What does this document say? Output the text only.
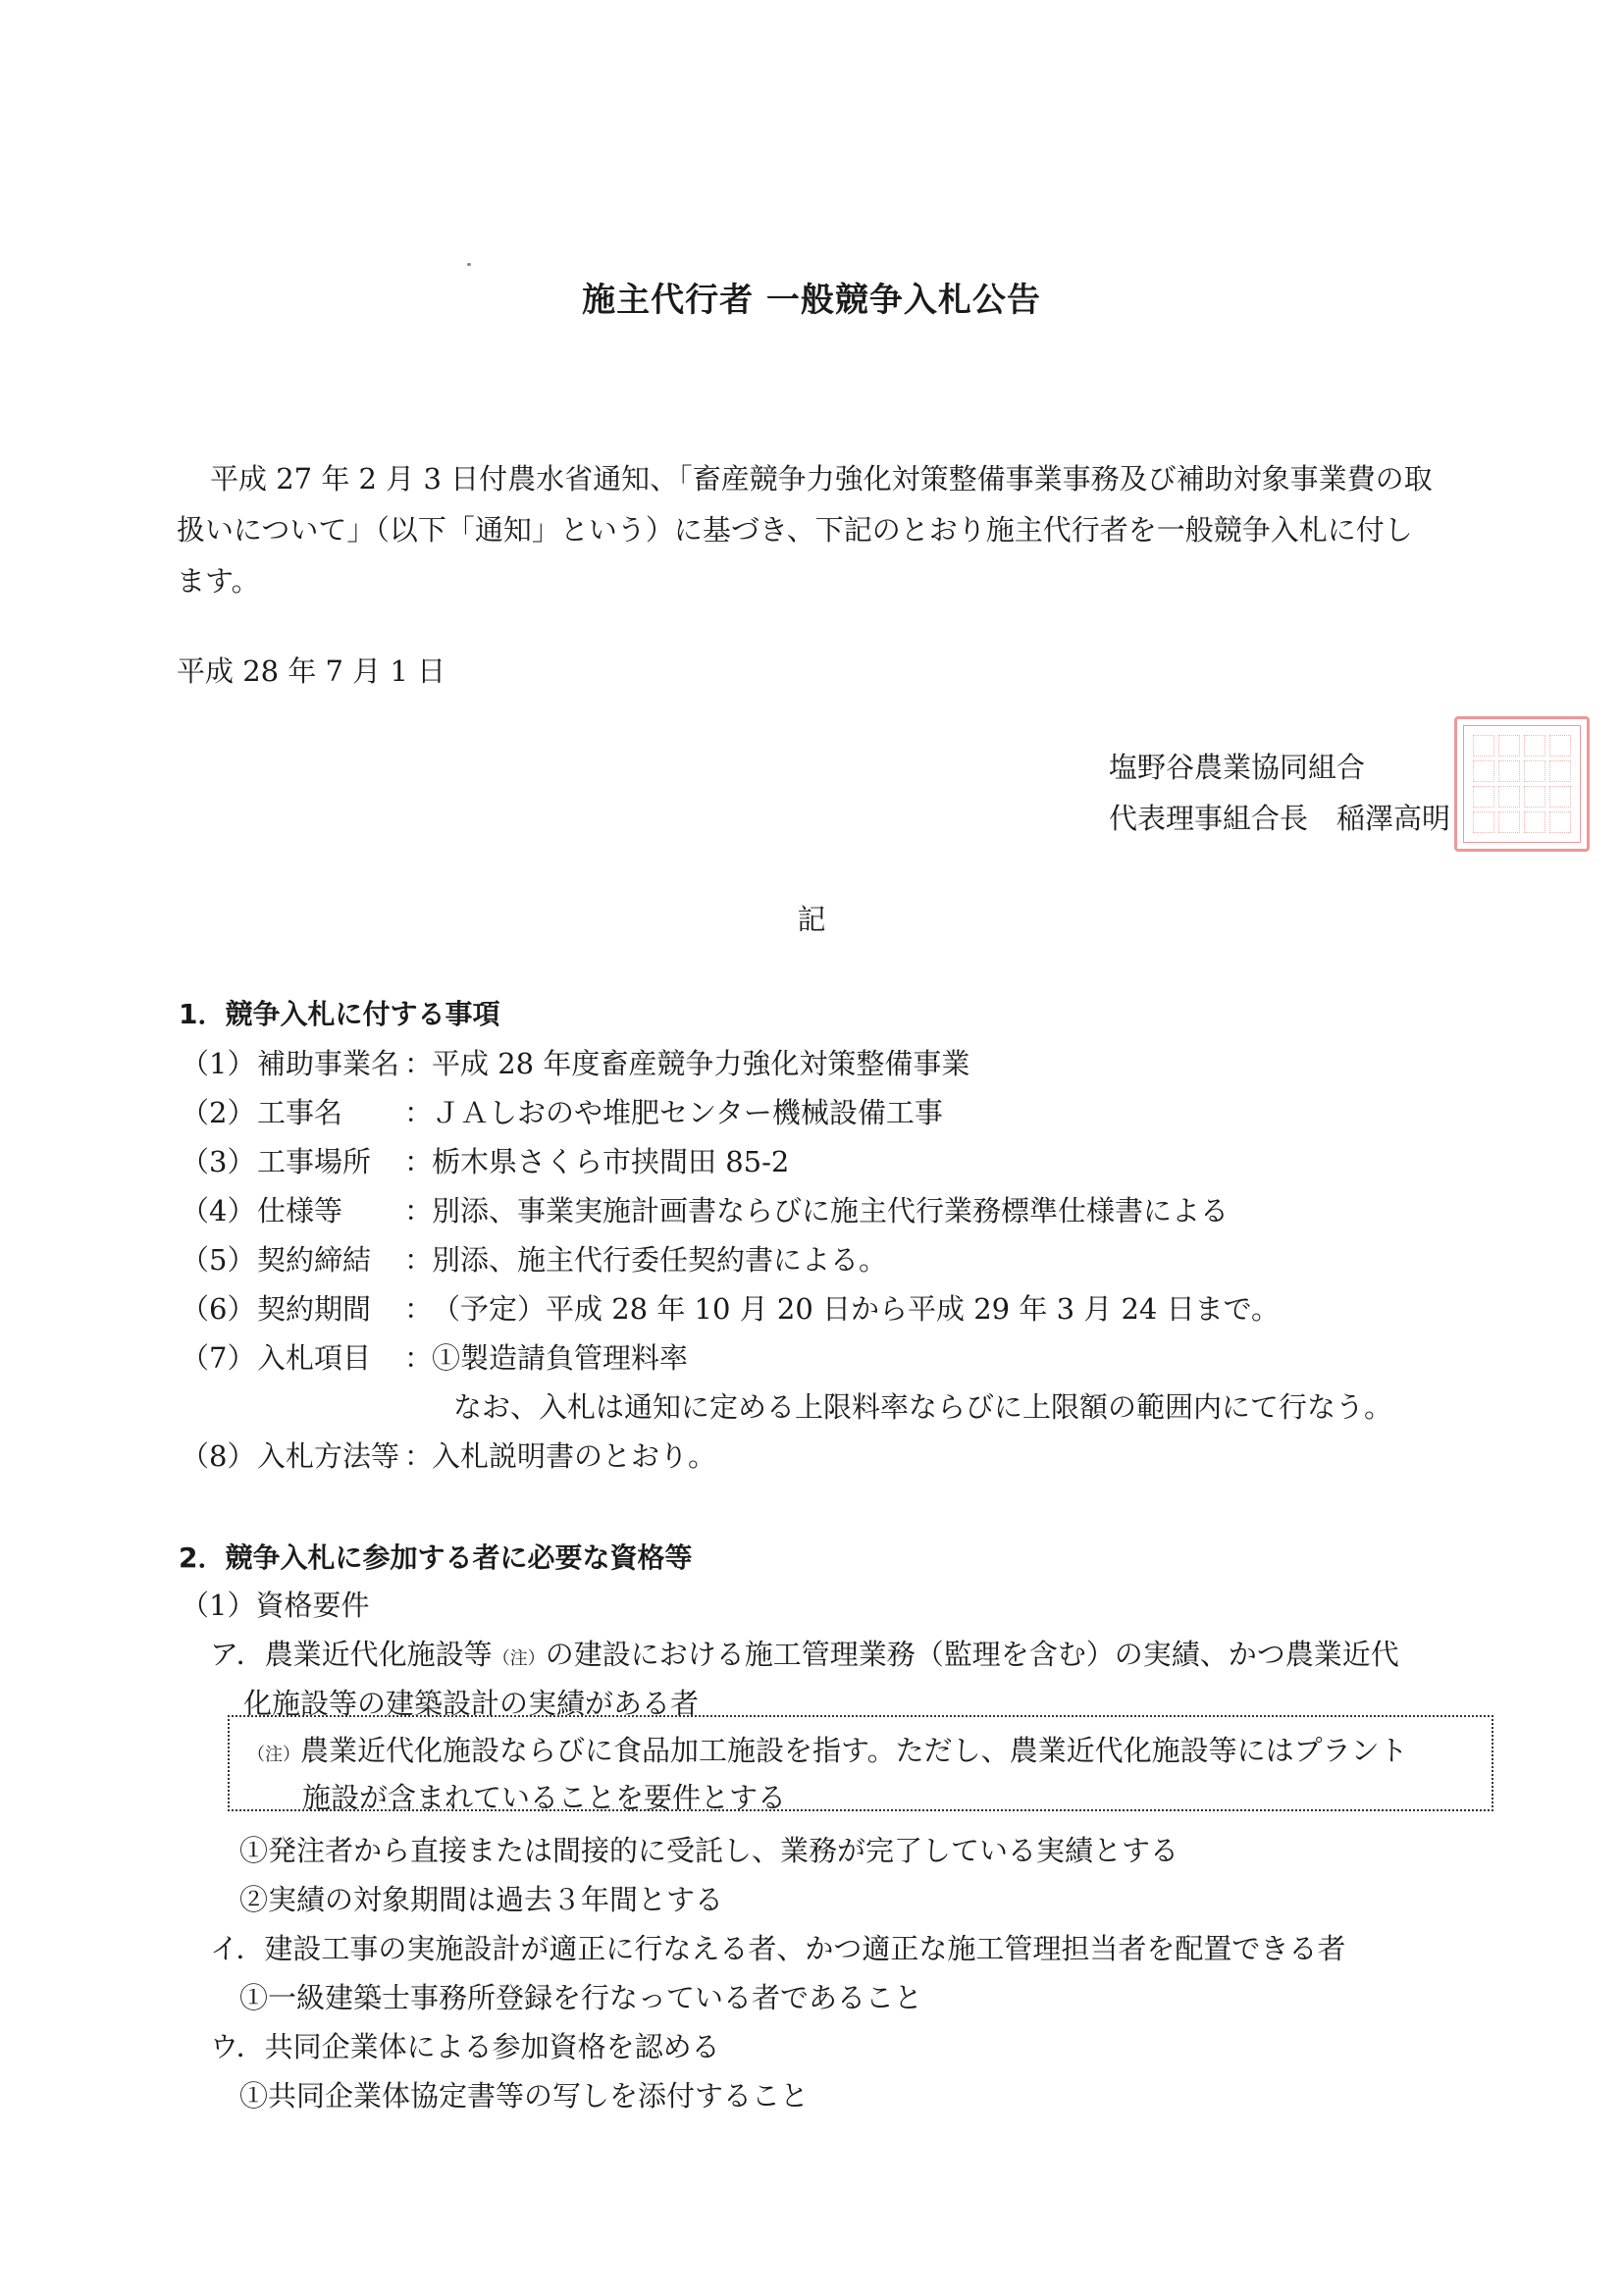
施主代行者 一般競争入札公告
平成 27 年 2 月 3 日付農水省通知、「畜産競争力強化対策整備事業事務及び補助対象事業費の取
扱いについて」（以下「通知」という）に基づき、下記のとおり施主代行者を一般競争入札に付し
ます。
平成 28 年 7 月 1 日
塩野谷農業協同組合
代表理事組合長　稲澤高明
記
1．競争入札に付する事項
（1）補助事業名 ：平成 28 年度畜産競争力強化対策整備事業
（2）工事名 ：ＪＡしおのや堆肥センター機械設備工事
（3）工事場所 ：栃木県さくら市挟間田 85-2
（4）仕様等 ：別添、事業実施計画書ならびに施主代行業務標準仕様書による
（5）契約締結 ：別添、施主代行委任契約書による。
（6）契約期間 ：（予定）平成 28 年 10 月 20 日から平成 29 年 3 月 24 日まで。
（7）入札項目 ：①製造請負管理料率
なお、入札は通知に定める上限料率ならびに上限額の範囲内にて行なう。
（8）入札方法等 ：入札説明書のとおり。
2．競争入札に参加する者に必要な資格等
（1）資格要件
ア．農業近代化施設等（注）の建設における施工管理業務（監理を含む）の実績、かつ農業近代
化施設等の建築設計の実績がある者
（注）農業近代化施設ならびに食品加工施設を指す。ただし、農業近代化施設等にはプラント
施設が含まれていることを要件とする
①発注者から直接または間接的に受託し、業務が完了している実績とする
②実績の対象期間は過去３年間とする
イ．建設工事の実施設計が適正に行なえる者、かつ適正な施工管理担当者を配置できる者
①一級建築士事務所登録を行なっている者であること
ウ．共同企業体による参加資格を認める
①共同企業体協定書等の写しを添付すること
